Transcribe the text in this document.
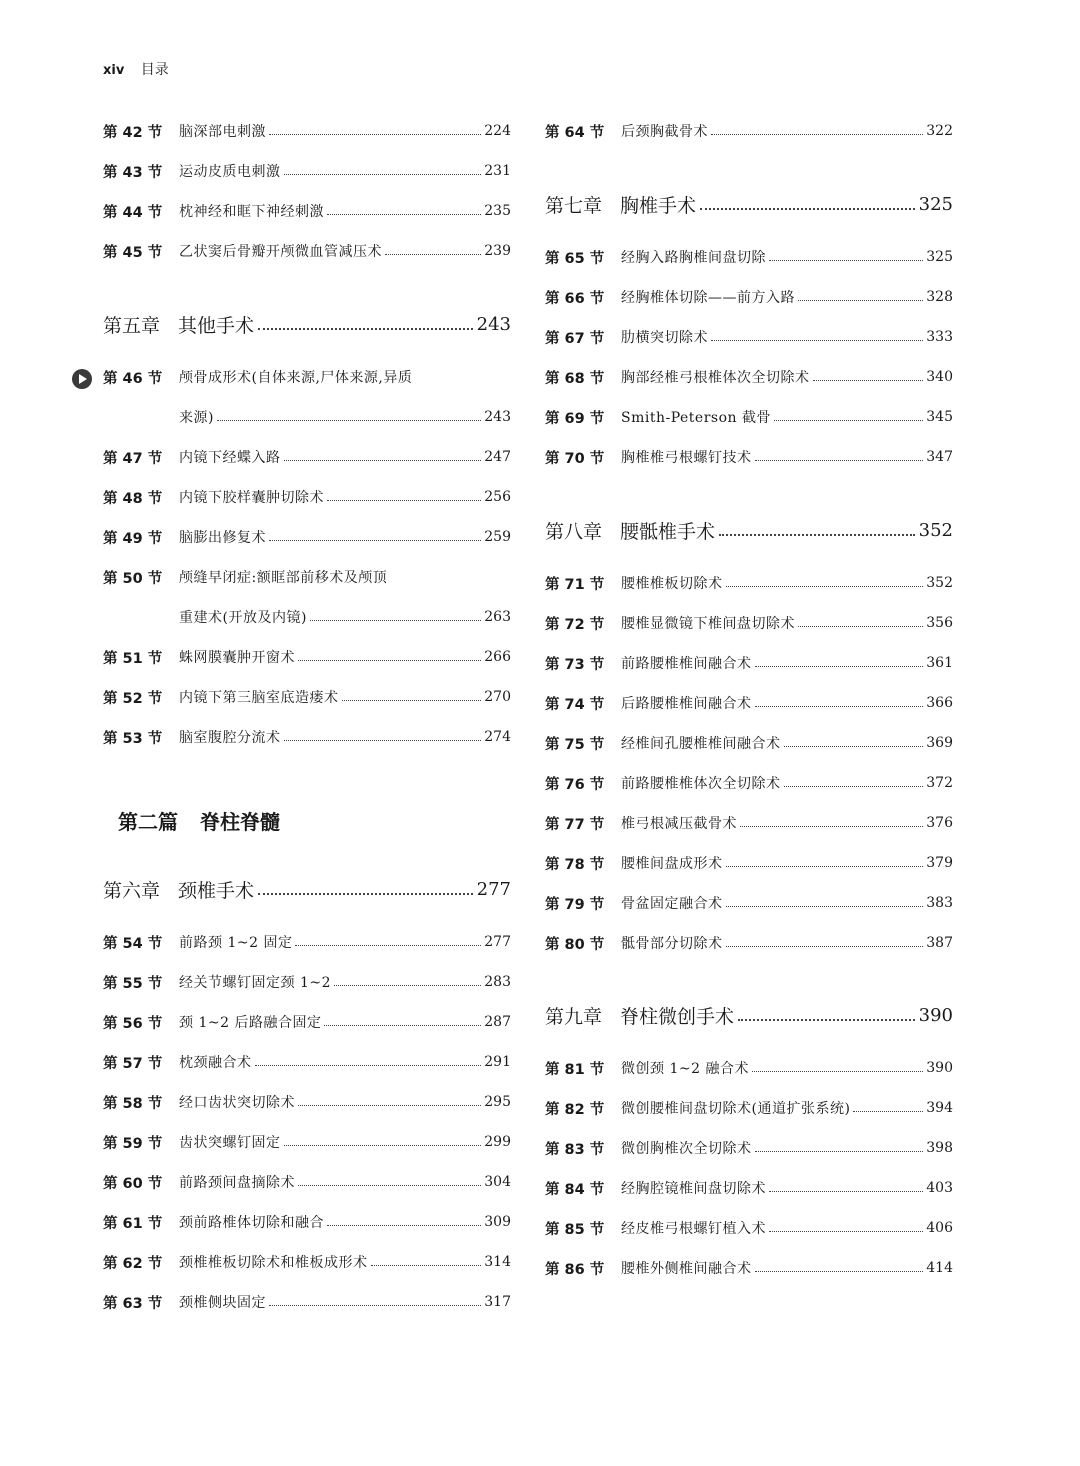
xiv 目录
第 42 节	脑深部电刺激	224
第 43 节	运动皮质电刺激	231
第 44 节	枕神经和眶下神经刺激	235
第 45 节	乙状窦后骨瓣开颅微血管减压术	239
第五章 其他手术	243
第 46 节	颅骨成形术(自体来源,尸体来源,异质
来源)	243
第 47 节	内镜下经蝶入路	247
第 48 节	内镜下胶样囊肿切除术	256
第 49 节	脑膨出修复术	259
第 50 节	颅缝早闭症:额眶部前移术及颅顶
重建术(开放及内镜)	263
第 51 节	蛛网膜囊肿开窗术	266
第 52 节	内镜下第三脑室底造瘘术	270
第 53 节	脑室腹腔分流术	274
第六章 颈椎手术	277
第 54 节	前路颈 1~2 固定	277
第 55 节	经关节螺钉固定颈 1~2	283
第 56 节	颈 1~2 后路融合固定	287
第 57 节	枕颈融合术	291
第 58 节	经口齿状突切除术	295
第 59 节	齿状突螺钉固定	299
第 60 节	前路颈间盘摘除术	304
第 61 节	颈前路椎体切除和融合	309
第 62 节	颈椎椎板切除术和椎板成形术	314
第 63 节	颈椎侧块固定	317
第二篇 脊柱脊髓
第 64 节	后颈胸截骨术	322
第七章 胸椎手术	325
第 65 节	经胸入路胸椎间盘切除	325
第 66 节	经胸椎体切除——前方入路	328
第 67 节	肋横突切除术	333
第 68 节	胸部经椎弓根椎体次全切除术	340
第 69 节	Smith-Peterson 截骨	345
第 70 节	胸椎椎弓根螺钉技术	347
第八章 腰骶椎手术	352
第 71 节	腰椎椎板切除术	352
第 72 节	腰椎显微镜下椎间盘切除术	356
第 73 节	前路腰椎椎间融合术	361
第 74 节	后路腰椎椎间融合术	366
第 75 节	经椎间孔腰椎椎间融合术	369
第 76 节	前路腰椎椎体次全切除术	372
第 77 节	椎弓根减压截骨术	376
第 78 节	腰椎间盘成形术	379
第 79 节	骨盆固定融合术	383
第 80 节	骶骨部分切除术	387
第九章 脊柱微创手术	390
第 81 节	微创颈 1~2 融合术	390
第 82 节	微创腰椎间盘切除术(通道扩张系统)	394
第 83 节	微创胸椎次全切除术	398
第 84 节	经胸腔镜椎间盘切除术	403
第 85 节	经皮椎弓根螺钉植入术	406
第 86 节	腰椎外侧椎间融合术	414
